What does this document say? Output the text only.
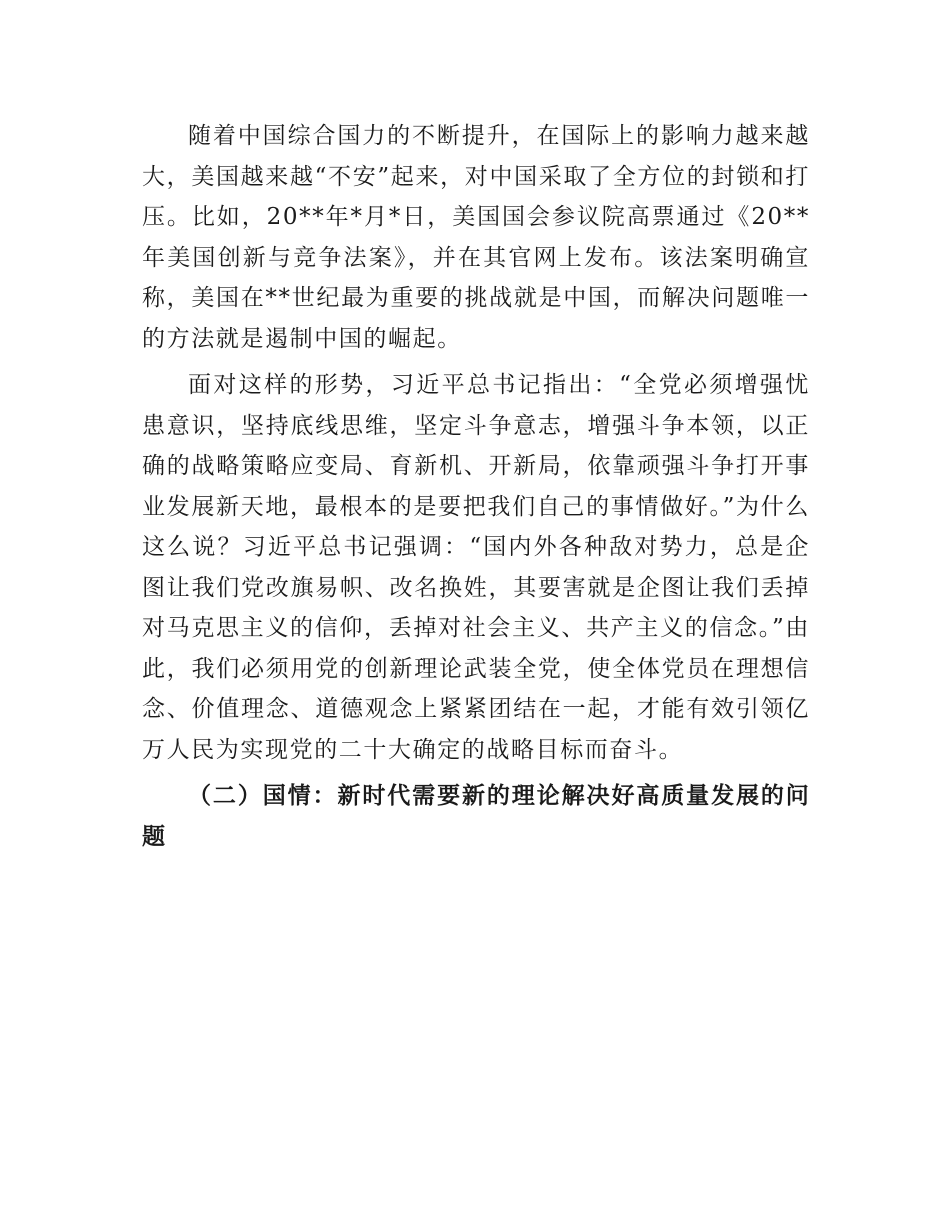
随着中国综合国力的不断提升，在国际上的影响力越来越大，美国越来越“不安”起来，对中国采取了全方位的封锁和打压。比如，20**年*月*日，美国国会参议院高票通过《20**年美国创新与竞争法案》，并在其官网上发布。该法案明确宣称，美国在**世纪最为重要的挑战就是中国，而解决问题唯一的方法就是遏制中国的崛起。

面对这样的形势，习近平总书记指出：“全党必须增强忧患意识，坚持底线思维，坚定斗争意志，增强斗争本领，以正确的战略策略应变局、育新机、开新局，依靠顽强斗争打开事业发展新天地，最根本的是要把我们自己的事情做好。”为什么这么说？习近平总书记强调：“国内外各种敌对势力，总是企图让我们党改旗易帜、改名换姓，其要害就是企图让我们丢掉对马克思主义的信仰，丢掉对社会主义、共产主义的信念。”由此，我们必须用党的创新理论武装全党，使全体党员在理想信念、价值理念、道德观念上紧紧团结在一起，才能有效引领亿万人民为实现党的二十大确定的战略目标而奋斗。

（二）国情：新时代需要新的理论解决好高质量发展的问题
